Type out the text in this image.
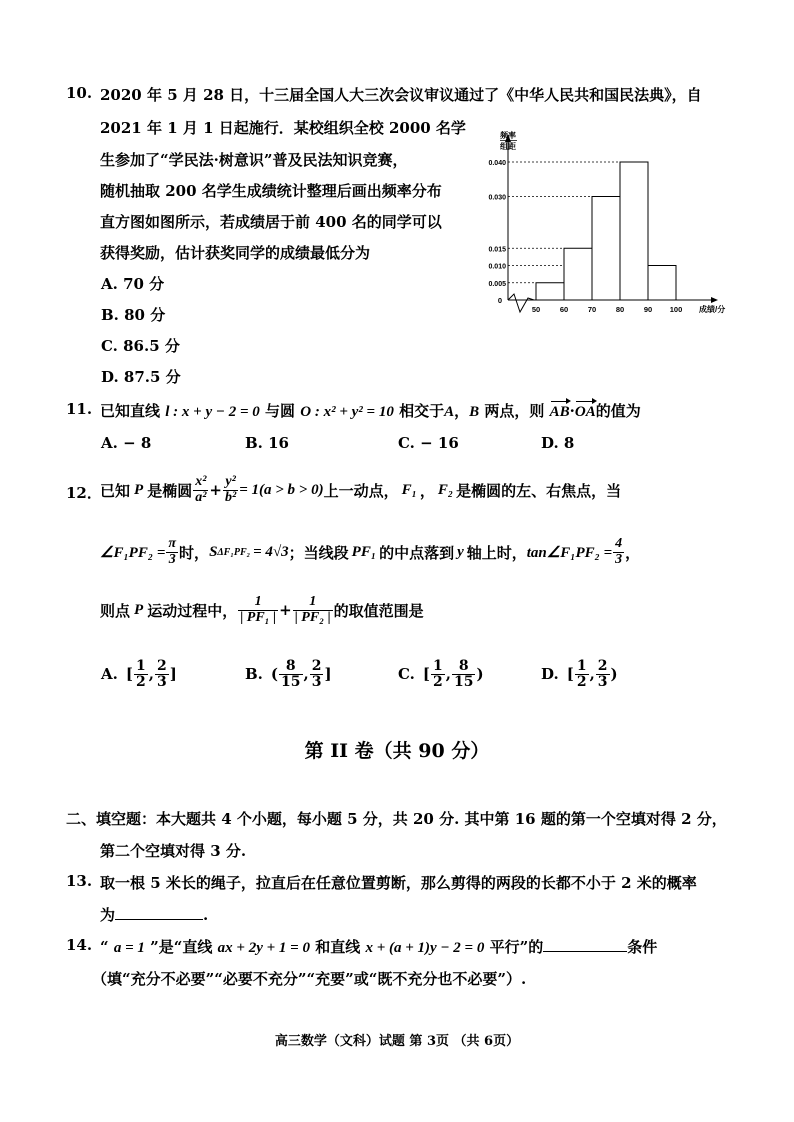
10. 2020 年 5 月 28 日，十三届全国人大三次会议审议通过了《中华人民共和国民法典》，自
2021 年 1 月 1 日起施行．某校组织全校 2000 名学
生参加了“学民法·树意识”普及民法知识竞赛，
随机抽取 200 名学生成绩统计整理后画出频率分布
直方图如图所示，若成绩居于前 400 名的同学可以
获得奖励，估计获奖同学的成绩最低分为
A. 70 分
B. 80 分
C. 86.5 分
D. 87.5 分
0.040
0.030
0.015
0.010
0.005
50	60	70	80	90 100
0
频率
组距
成绩/分
11. 已知直线 l : x + y − 2 = 0 与圆 O : x² + y² = 10 相交于A，B 两点，则 AB·OA的值为
A. − 8	B. 16	C. − 16	D. 8
12．
已知 P 是椭圆 $\frac{\text{x²}}{\text{a²}} + \frac{\text{y²}}{\text{b²}} = 1(a > b > 0)$ 上一动点， F₁ ， F₂ 是椭圆的左、右焦点，当
∠F₁PF₂ = $\frac{\pi}{3}$ 时， S ΔF₁PF₂ = 4√3 ；当线段 PF₁ 的中点落到 y 轴上时， tan∠F₁PF₂ = $\frac{4}{3}$ ，
则点 P 运动过程中， $\frac{1}{\text{| PF₁ |}} + \frac{1}{\text{| PF₂ |}}$ 的取值范围是
A. [ $\frac{1}{2}$ , $\frac{2}{3}$ ]	B. ( $\frac{8}{15}$ , $\frac{2}{3}$ ]	C. [ $\frac{1}{2}$ , $\frac{8}{15}$ )	D. [ $\frac{1}{2}$ , $\frac{2}{3}$ )
第 II 卷（共 90 分）
二、填空题：本大题共 4 个小题，每小题 5 分，共 20 分. 其中第 16 题的第一个空填对得 2 分，
第二个空填对得 3 分.
13. 取一根 5 米长的绳子，拉直后在任意位置剪断，那么剪得的两段的长都不小于 2 米的概率
为	.
14. “ a = 1 ”是“直线 ax + 2y + 1 = 0 和直线 x + (a + 1)y − 2 = 0 平行”的	条件
（填“充分不必要”“必要不充分”“充要”或“既不充分也不必要”）.
高三数学（文科）试题 第 3页 （共 6页）
